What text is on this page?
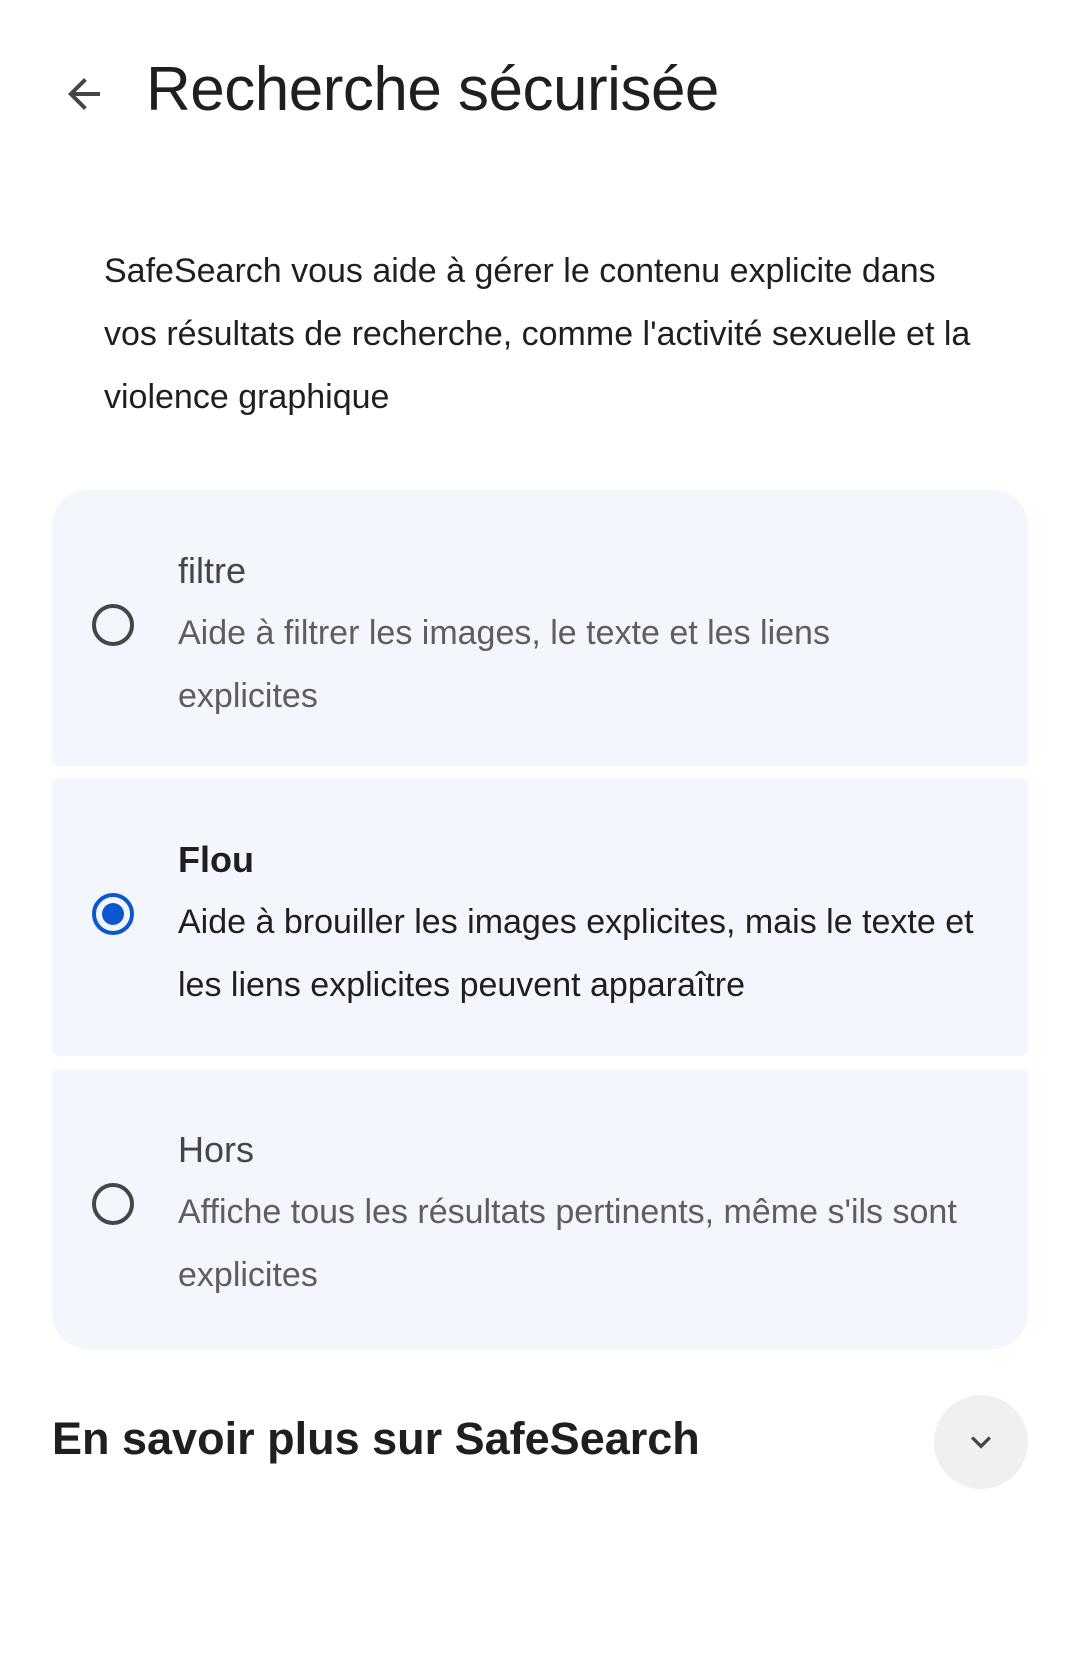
Recherche sécurisée

SafeSearch vous aide à gérer le contenu explicite dans vos résultats de recherche, comme l'activité sexuelle et la violence graphique

filtre
Aide à filtrer les images, le texte et les liens explicites
Flou
Aide à brouiller les images explicites, mais le texte et les liens explicites peuvent apparaître
Hors
Affiche tous les résultats pertinents, même s'ils sont explicites
En savoir plus sur SafeSearch
